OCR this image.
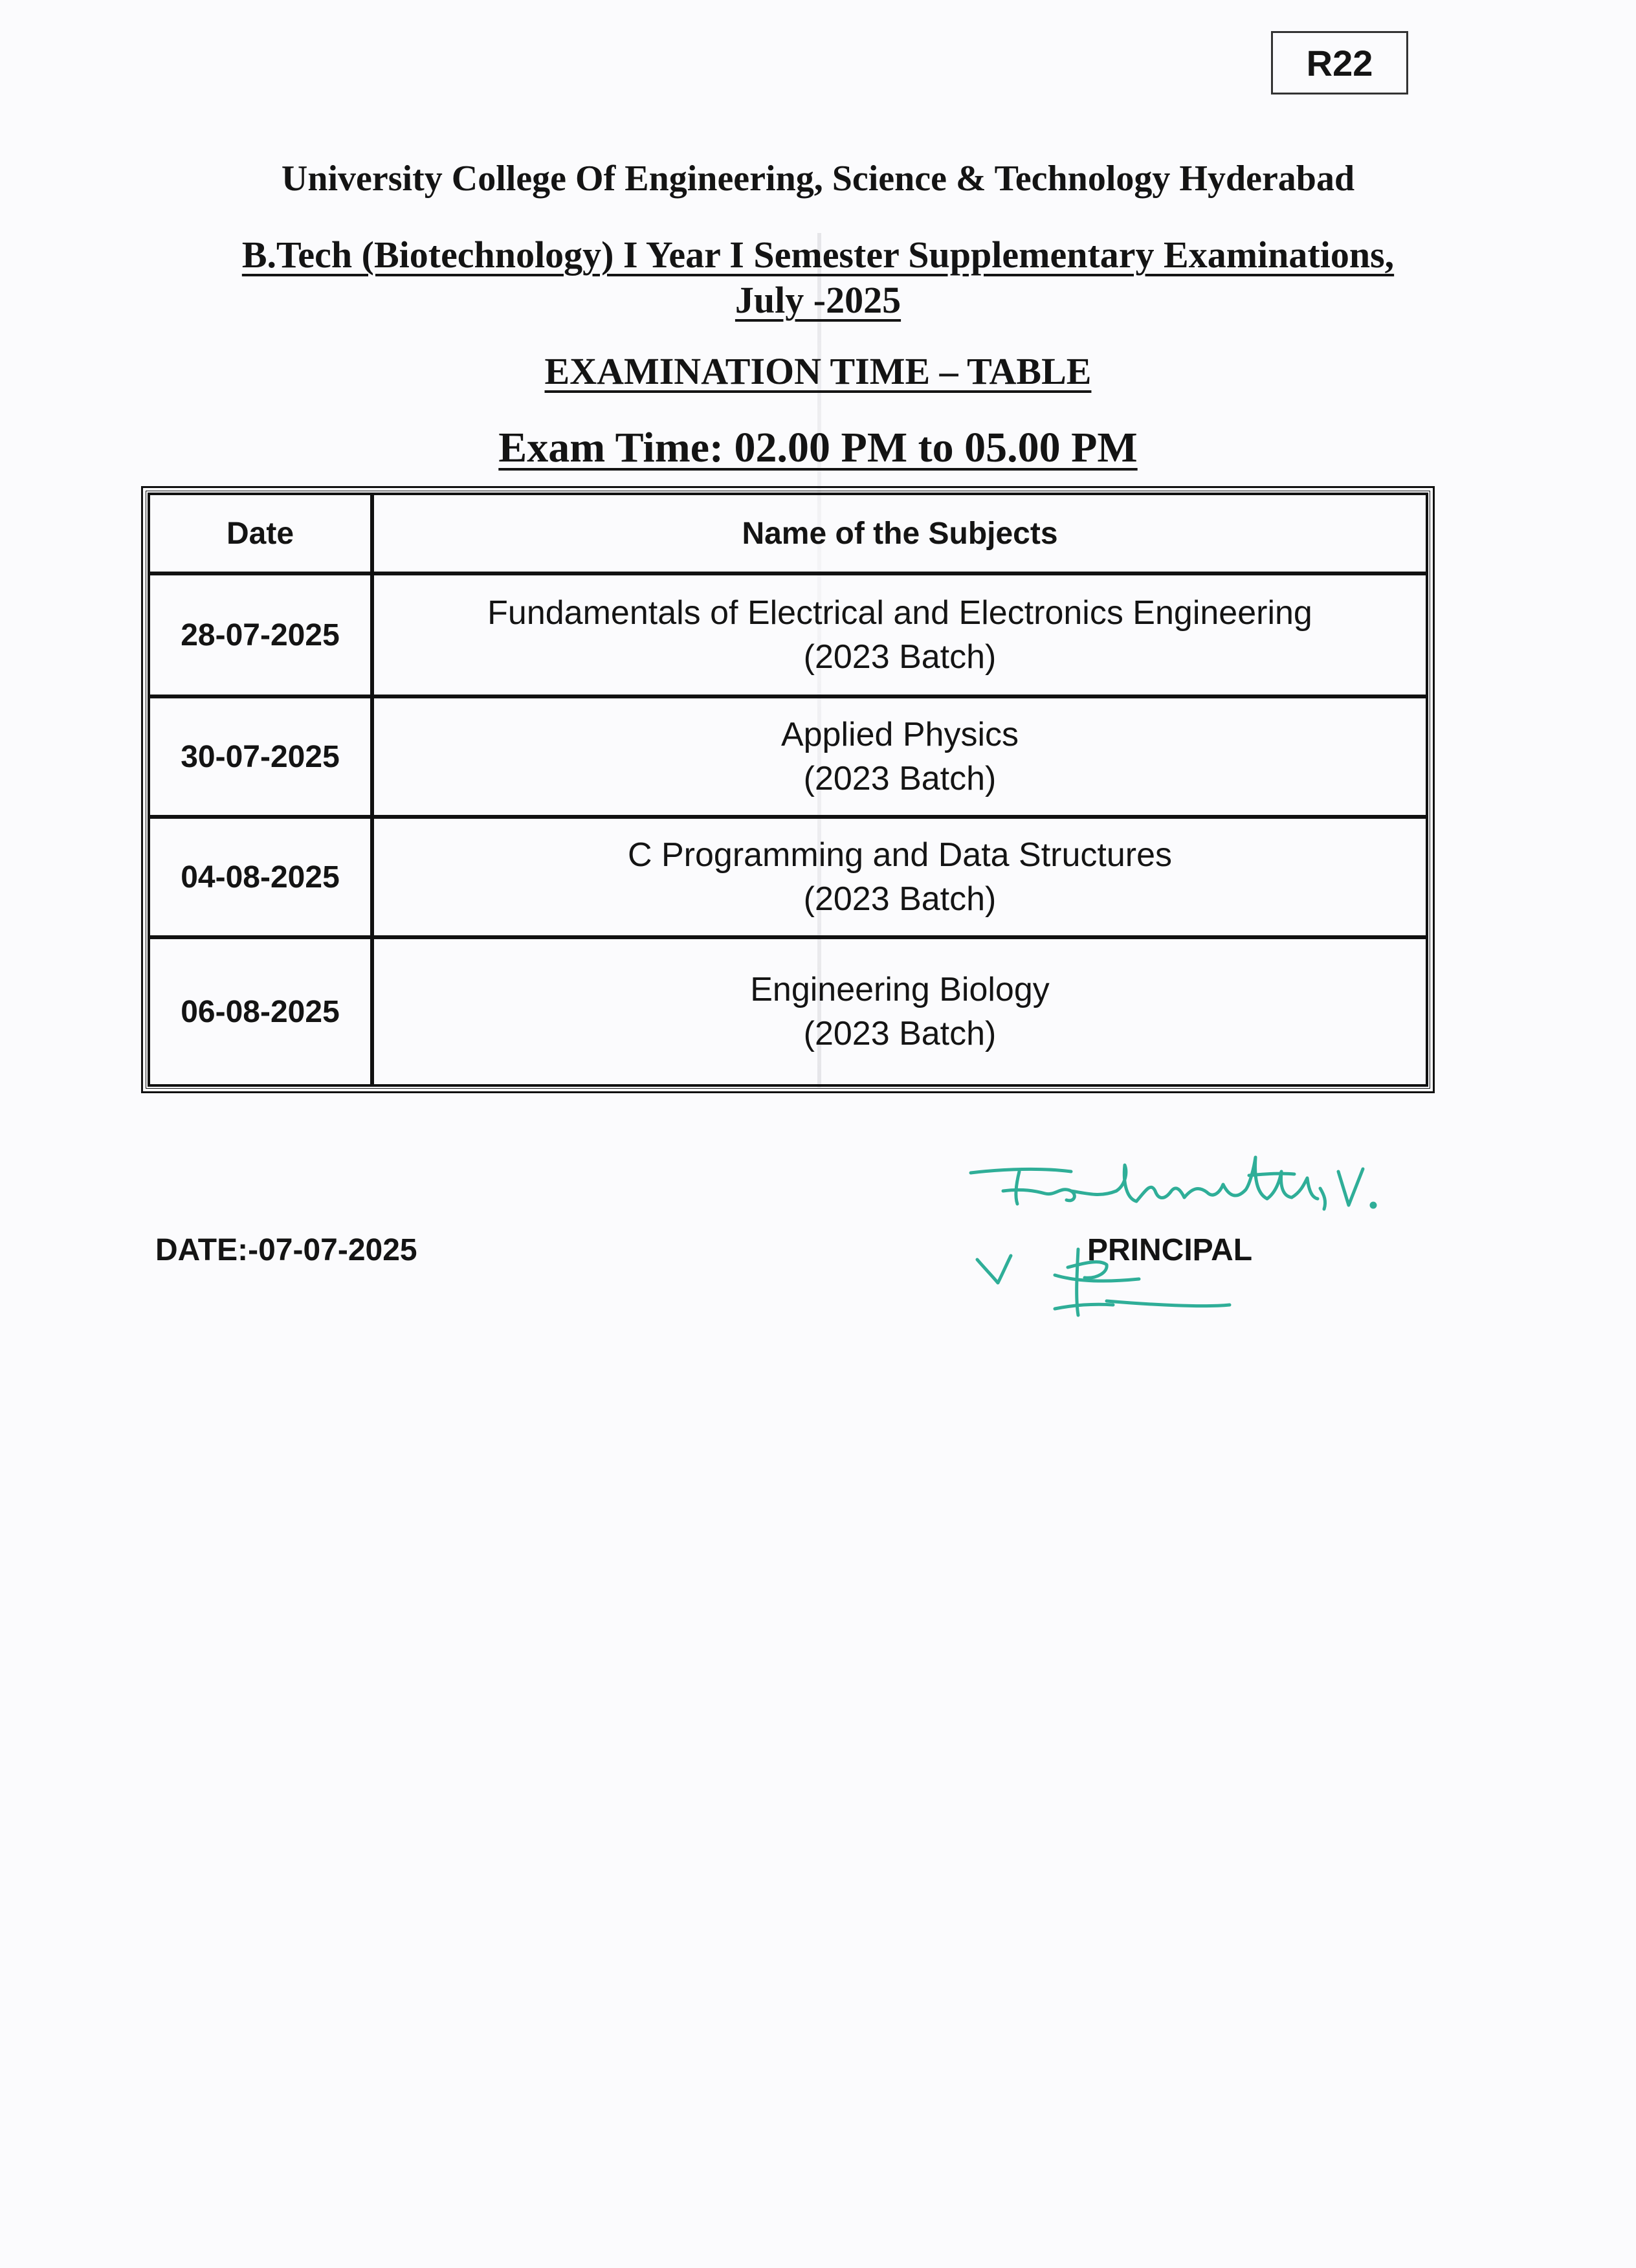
R22
University College Of Engineering, Science & Technology Hyderabad
B.Tech (Biotechnology) I Year I Semester Supplementary Examinations,
July -2025
EXAMINATION TIME – TABLE
Exam Time: 02.00 PM to 05.00 PM
Date	Name of the Subjects
28-07-2025	Fundamentals of Electrical and Electronics Engineering
(2023 Batch)

30-07-2025	Applied Physics
(2023 Batch)

04-08-2025	C Programming and Data Structures
(2023 Batch)

06-08-2025	Engineering Biology
(2023 Batch)
DATE:-07-07-2025	PRINCIPAL
